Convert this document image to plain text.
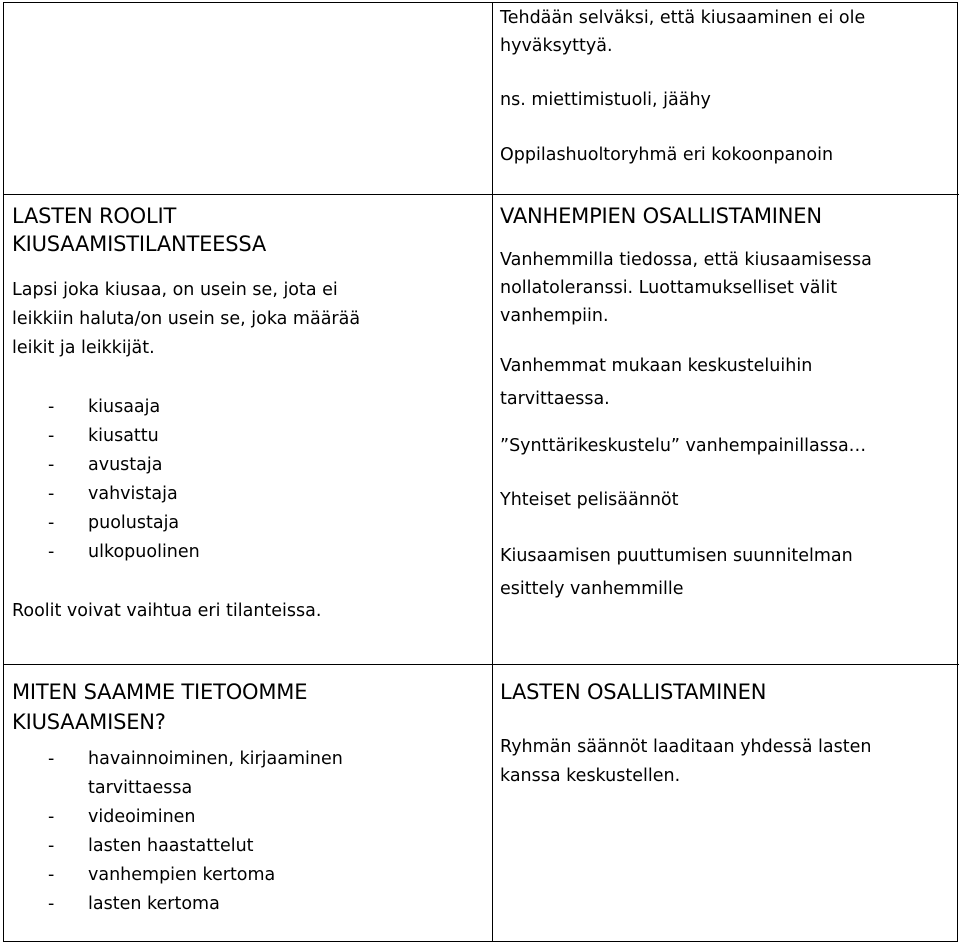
Tehdään selväksi, että kiusaaminen ei ole

hyväksyttyä.

ns. miettimistuoli, jäähy

Oppilashuoltoryhmä eri kokoonpanoin

LASTEN ROOLIT

KIUSAAMISTILANTEESSA

Lapsi joka kiusaa, on usein se, jota ei

leikkiin haluta/on usein se, joka määrää

leikit ja leikkijät.

- kiusaaja

- kiusattu

- avustaja

- vahvistaja

- puolustaja

- ulkopuolinen

Roolit voivat vaihtua eri tilanteissa.

VANHEMPIEN OSALLISTAMINEN

Vanhemmilla tiedossa, että kiusaamisessa

nollatoleranssi. Luottamukselliset välit

vanhempiin.

Vanhemmat mukaan keskusteluihin

tarvittaessa.

”Synttärikeskustelu” vanhempainillassa…

Yhteiset pelisäännöt

Kiusaamisen puuttumisen suunnitelman

esittely vanhemmille

MITEN SAAMME TIETOOMME

KIUSAAMISEN?

- havainnoiminen, kirjaaminen

tarvittaessa

- videoiminen

- lasten haastattelut

- vanhempien kertoma

- lasten kertoma

LASTEN OSALLISTAMINEN

Ryhmän säännöt laaditaan yhdessä lasten

kanssa keskustellen.
